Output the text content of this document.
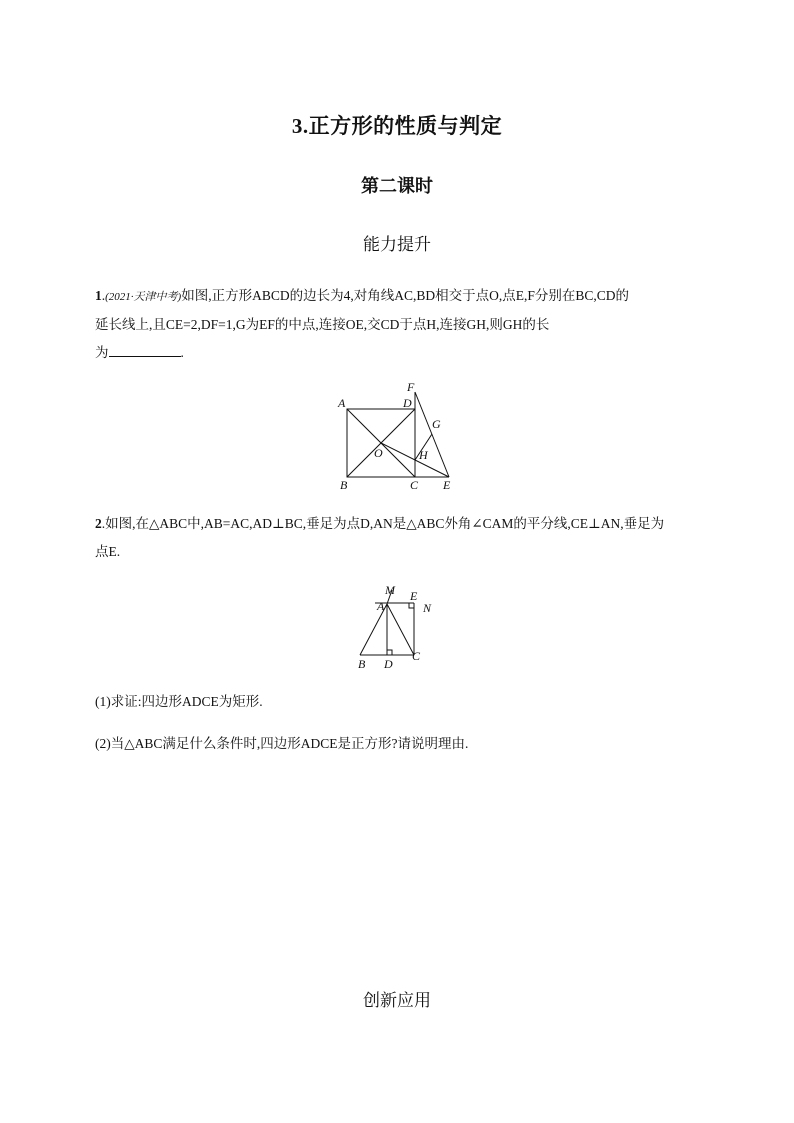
3.正方形的性质与判定
第二课时
能力提升
1.(2021·天津中考)如图,正方形ABCD的边长为4,对角线AC,BD相交于点O,点E,F分别在BC,CD的
延长线上,且CE=2,DF=1,G为EF的中点,连接OE,交CD于点H,连接GH,则GH的长
为	.
A
B	C
D
E
F
G
H
O
2.如图,在△ABC中,AB=AC,AD⊥BC,垂足为点D,AN是△ABC外角∠CAM的平分线,CE⊥AN,垂足为
点E.
M
A
E
N
B D
C
(1)求证:四边形ADCE为矩形.
(2)当△ABC满足什么条件时,四边形ADCE是正方形?请说明理由.
创新应用
